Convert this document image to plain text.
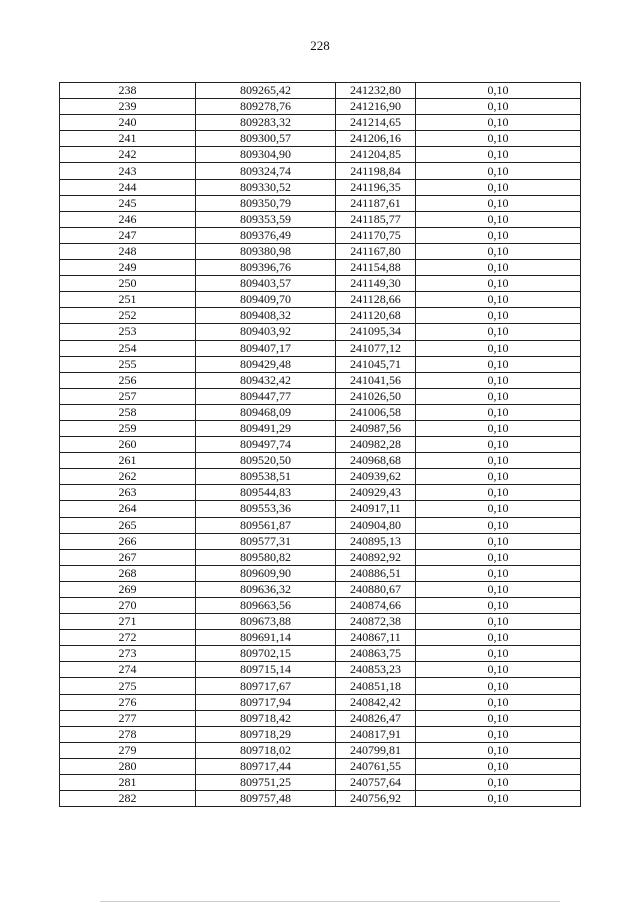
228
238	809265,42	241232,80	0,10
239	809278,76	241216,90	0,10
240	809283,32	241214,65	0,10
241	809300,57	241206,16	0,10
242	809304,90	241204,85	0,10
243	809324,74	241198,84	0,10
244	809330,52	241196,35	0,10
245	809350,79	241187,61	0,10
246	809353,59	241185,77	0,10
247	809376,49	241170,75	0,10
248	809380,98	241167,80	0,10
249	809396,76	241154,88	0,10
250	809403,57	241149,30	0,10
251	809409,70	241128,66	0,10
252	809408,32	241120,68	0,10
253	809403,92	241095,34	0,10
254	809407,17	241077,12	0,10
255	809429,48	241045,71	0,10
256	809432,42	241041,56	0,10
257	809447,77	241026,50	0,10
258	809468,09	241006,58	0,10
259	809491,29	240987,56	0,10
260	809497,74	240982,28	0,10
261	809520,50	240968,68	0,10
262	809538,51	240939,62	0,10
263	809544,83	240929,43	0,10
264	809553,36	240917,11	0,10
265	809561,87	240904,80	0,10
266	809577,31	240895,13	0,10
267	809580,82	240892,92	0,10
268	809609,90	240886,51	0,10
269	809636,32	240880,67	0,10
270	809663,56	240874,66	0,10
271	809673,88	240872,38	0,10
272	809691,14	240867,11	0,10
273	809702,15	240863,75	0,10
274	809715,14	240853,23	0,10
275	809717,67	240851,18	0,10
276	809717,94	240842,42	0,10
277	809718,42	240826,47	0,10
278	809718,29	240817,91	0,10
279	809718,02	240799,81	0,10
280	809717,44	240761,55	0,10
281	809751,25	240757,64	0,10
282	809757,48	240756,92	0,10
